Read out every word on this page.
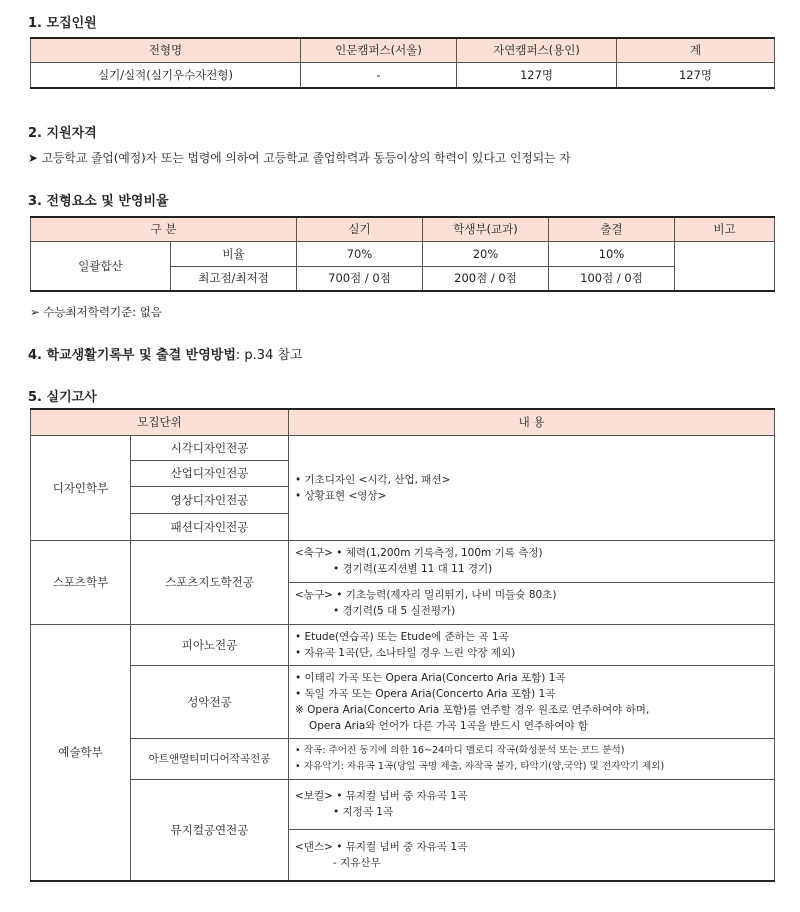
1. 모집인원
전형명	인문캠퍼스(서울)	자연캠퍼스(용인)	계
실기/실적(실기우수자전형)	-	127명	127명
2. 지원자격
➤ 고등학교 졸업(예정)자 또는 법령에 의하여 고등학교 졸업학력과 동등이상의 학력이 있다고 인정되는 자
3. 전형요소 및 반영비율
구 분		실기	학생부(교과)	출결	비고
일괄합산	비율	70%	20%	10%	
	최고점/최저점	700점 / 0점	200점 / 0점	100점 / 0점	
➢ 수능최저학력기준: 없음
4. 학교생활기록부 및 출결 반영방법: p.34 참고
5. 실기고사
모집단위		내 용
디자인학부	시각디자인전공	• 기초디자인 <시각, 산업, 패션>
• 상황표현 <영상>

	산업디자인전공	
	영상디자인전공	
	패션디자인전공	
스포츠학부	스포츠지도학전공	<축구> • 체력(1,200m 기록측정, 100m 기록 측정)
• 경기력(포지션별 11 대 11 경기)

		<농구> • 기초능력(제자리 멀리뛰기, 나비 미들슛 80초)
• 경기력(5 대 5 실전평가)

예술학부	피아노전공	• Etude(연습곡) 또는 Etude에 준하는 곡 1곡
• 자유곡 1곡(단, 소나타일 경우 느린 악장 제외)

	성악전공	• 이태리 가곡 또는 Opera Aria(Concerto Aria 포함) 1곡
• 독일 가곡 또는 Opera Aria(Concerto Aria 포함) 1곡
※ Opera Aria(Concerto Aria 포함)를 연주할 경우 원조로 연주하여야 하며,
Opera Aria와 언어가 다른 가곡 1곡을 반드시 연주하여야 함

	아트앤멀티미디어작곡전공	• 작곡: 주어진 동기에 의한 16~24마디 멜로디 작곡(화성분석 또는 코드 분석)
• 자유악기: 자유곡 1곡(당일 곡명 제출, 자작곡 불가, 타악기(양,국악) 및 전자악기 제외)

	뮤지컬공연전공	<보컬> • 뮤지컬 넘버 중 자유곡 1곡
• 지정곡 1곡

		<댄스> • 뮤지컬 넘버 중 자유곡 1곡
- 지유산무
